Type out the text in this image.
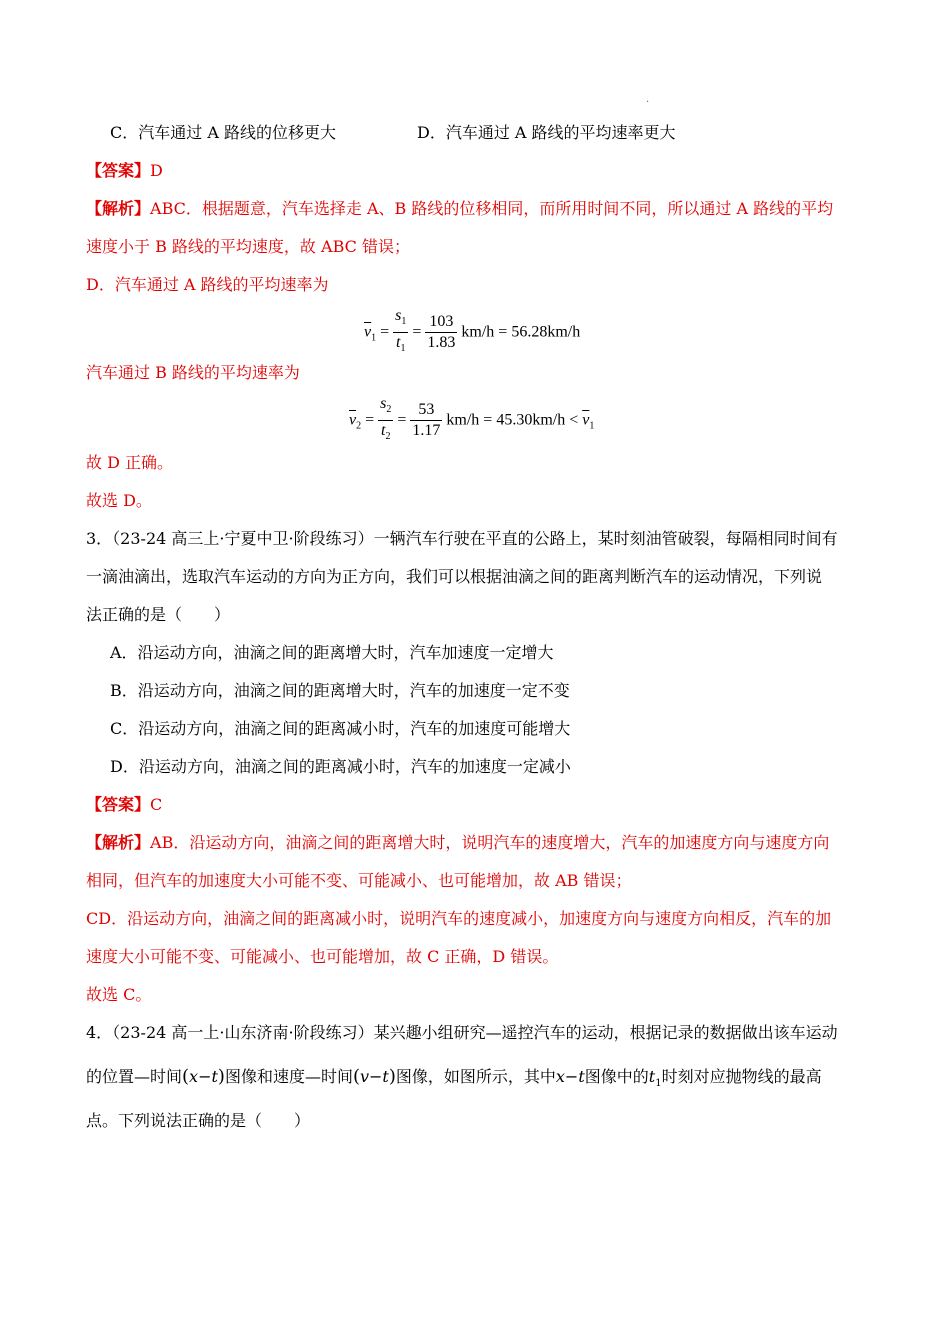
.
C．汽车通过 A 路线的位移更大	D．汽车通过 A 路线的平均速率更大
【答案】D
【解析】ABC．根据题意，汽车选择走 A、B 路线的位移相同，而所用时间不同，所以通过 A 路线的平均
速度小于 B 路线的平均速度，故 ABC 错误；
D．汽车通过 A 路线的平均速率为
$\overline{v}_1 = \frac{s_1}{t_1} = \frac{103}{1.83} km/h = 56.28km/h$
汽车通过 B 路线的平均速率为
$\overline{v}_2 = \frac{s_2}{t_2} = \frac{53}{1.17} km/h = 45.30km/h < \overline{v}_1$
故 D 正确。
故选 D。
3．（23-24 高三上·宁夏中卫·阶段练习）一辆汽车行驶在平直的公路上，某时刻油管破裂，每隔相同时间有
一滴油滴出，选取汽车运动的方向为正方向，我们可以根据油滴之间的距离判断汽车的运动情况，下列说
法正确的是（　　）
A．沿运动方向，油滴之间的距离增大时，汽车加速度一定增大
B．沿运动方向，油滴之间的距离增大时，汽车的加速度一定不变
C．沿运动方向，油滴之间的距离减小时，汽车的加速度可能增大
D．沿运动方向，油滴之间的距离减小时，汽车的加速度一定减小
【答案】C
【解析】AB．沿运动方向，油滴之间的距离增大时，说明汽车的速度增大，汽车的加速度方向与速度方向
相同，但汽车的加速度大小可能不变、可能减小、也可能增加，故 AB 错误；
CD．沿运动方向，油滴之间的距离减小时，说明汽车的速度减小，加速度方向与速度方向相反，汽车的加
速度大小可能不变、可能减小、也可能增加，故 C 正确，D 错误。
故选 C。
4．（23-24 高一上·山东济南·阶段练习）某兴趣小组研究—遥控汽车的运动，根据记录的数据做出该车运动
的位置—时间(x−t)图像和速度—时间(v−t)图像，如图所示，其中x−t图像中的$t_1$时刻对应抛物线的最高
点。下列说法正确的是（　　）
